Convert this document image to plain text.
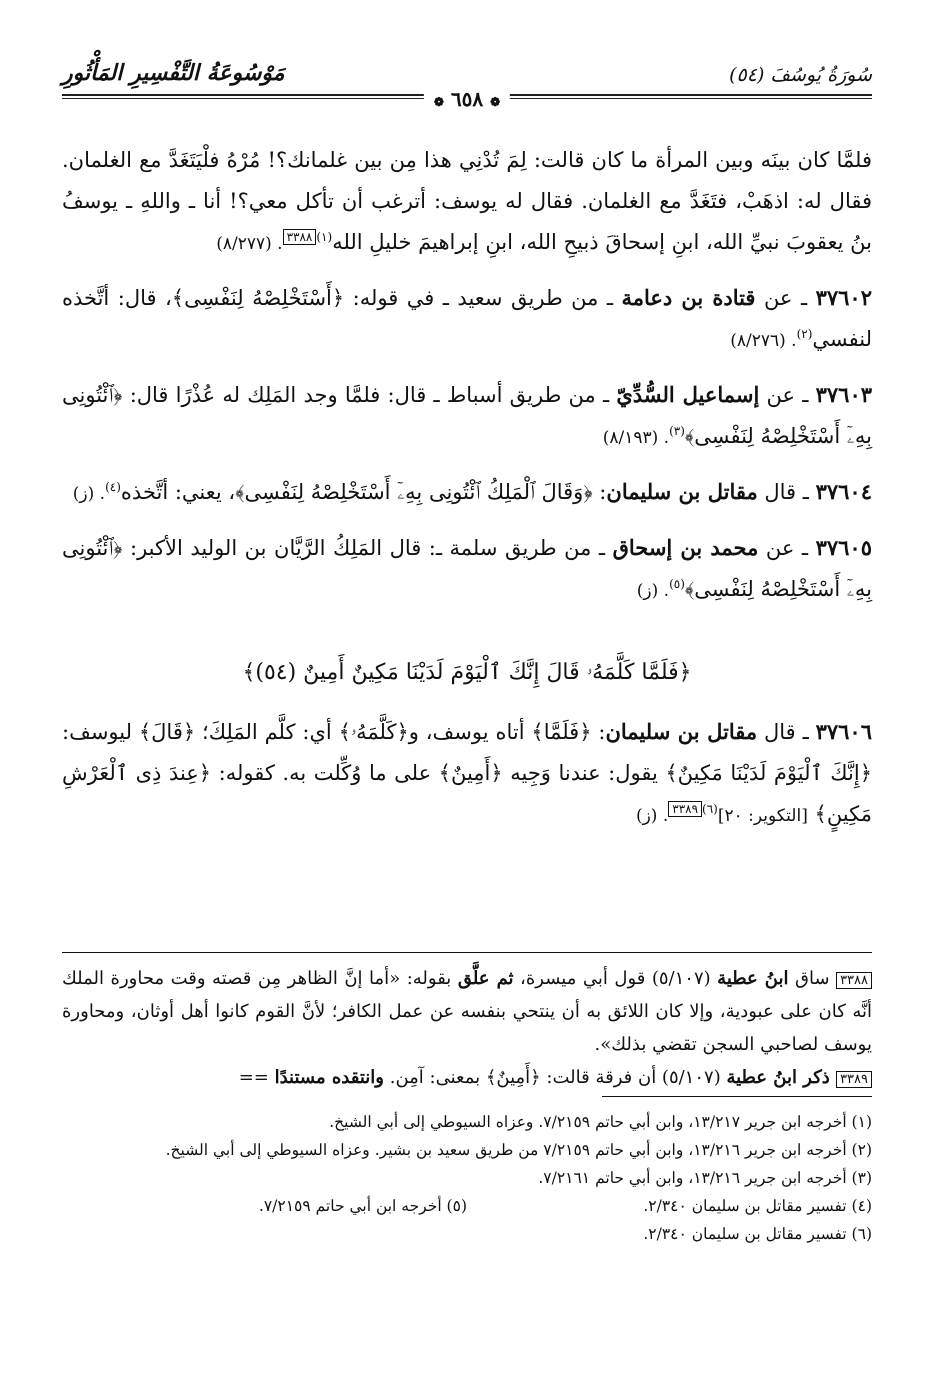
سُورَةُ يُوسُفَ (٥٤)
مَوْسُوعَةُ التَّفْسِيرِ المَأْثُورِ
❁ ٦٥٨ ❁

فلمَّا كان بينَه وبين المرأة ما كان قالت: لِمَ تُدْنِي هذا مِن بين غلمانك؟! مُرْهُ فلْيَتَغَدَّ مع الغلمان. فقال له: اذهَبْ، فتَغَدَّ مع الغلمان. فقال له يوسف: أترغب أن تأكل معي؟! أنا ـ واللهِ ـ يوسفُ بنُ يعقوبَ نبيِّ الله، ابنِ إسحاقَ ذبيحِ الله، ابنِ إبراهيمَ خليلِ الله$^{(١)}$٣٣٨٨. (٨/٢٧٧)

٣٧٦٠٢ ـ عن قتادة بن دعامة ـ من طريق سعيد ـ في قوله: ﴿أَسْتَخْلِصْهُ لِنَفْسِى﴾، قال: أتَّخذه لنفسي$^{(٢)}$. (٨/٢٧٦)

٣٧٦٠٣ ـ عن إسماعيل السُّدِّيّ ـ من طريق أسباط ـ قال: فلمَّا وجد المَلِك له عُذْرًا قال: ﴿ٱئْتُونِى بِهِۦٓ أَسْتَخْلِصْهُ لِنَفْسِى﴾$^{(٣)}$. (٨/١٩٣)

٣٧٦٠٤ ـ قال مقاتل بن سليمان: ﴿وَقَالَ ٱلْمَلِكُ ٱئْتُونِى بِهِۦٓ أَسْتَخْلِصْهُ لِنَفْسِى﴾، يعني: أتَّخذه$^{(٤)}$. (ز)

٣٧٦٠٥ ـ عن محمد بن إسحاق ـ من طريق سلمة ـ: قال المَلِكُ الرَّيَّان بن الوليد الأكبر: ﴿ٱئْتُونِى بِهِۦٓ أَسْتَخْلِصْهُ لِنَفْسِى﴾$^{(٥)}$. (ز)

﴿فَلَمَّا كَلَّمَهُۥ قَالَ إِنَّكَ ٱلْيَوْمَ لَدَيْنَا مَكِينٌ أَمِينٌ (٥٤)﴾

٣٧٦٠٦ ـ قال مقاتل بن سليمان: ﴿فَلَمَّا﴾ أتاه يوسف، و﴿كَلَّمَهُۥ﴾ أي: كلَّم المَلِكَ؛ ﴿قَالَ﴾ ليوسف: ﴿إِنَّكَ ٱلْيَوْمَ لَدَيْنَا مَكِينٌ﴾ يقول: عندنا وَجِيه ﴿أَمِينٌ﴾ على ما وُكِّلت به. كقوله: ﴿عِندَ ذِى ٱلْعَرْشِ مَكِينٍ﴾ [التكوير: ٢٠]$^{(٦)}$٣٣٨٩. (ز)

٣٣٨٨ ساق ابنُ عطية (٥/١٠٧) قول أبي ميسرة، ثم علَّق بقوله: «أما إنَّ الظاهر مِن قصته وقت محاورة الملك أنَّه كان على عبودية، وإلا كان اللائق به أن ينتحي بنفسه عن عمل الكافر؛ لأنَّ القوم كانوا أهل أوثان، ومحاورة يوسف لصاحبي السجن تقضي بذلك».

٣٣٨٩ ذكر ابنُ عطية (٥/١٠٧) أن فرقة قالت: ﴿أَمِينٌ﴾ بمعنى: آمِن. وانتقده مستندًا ==

(١) أخرجه ابن جرير ١٣/٢١٧، وابن أبي حاتم ٧/٢١٥٩. وعزاه السيوطي إلى أبي الشيخ.

(٢) أخرجه ابن جرير ١٣/٢١٦، وابن أبي حاتم ٧/٢١٥٩ من طريق سعيد بن بشير. وعزاه السيوطي إلى أبي الشيخ.

(٣) أخرجه ابن جرير ١٣/٢١٦، وابن أبي حاتم ٧/٢١٦١.

(٤) تفسير مقاتل بن سليمان ٢/٣٤٠.
(٥) أخرجه ابن أبي حاتم ٧/٢١٥٩.

(٦) تفسير مقاتل بن سليمان ٢/٣٤٠.
